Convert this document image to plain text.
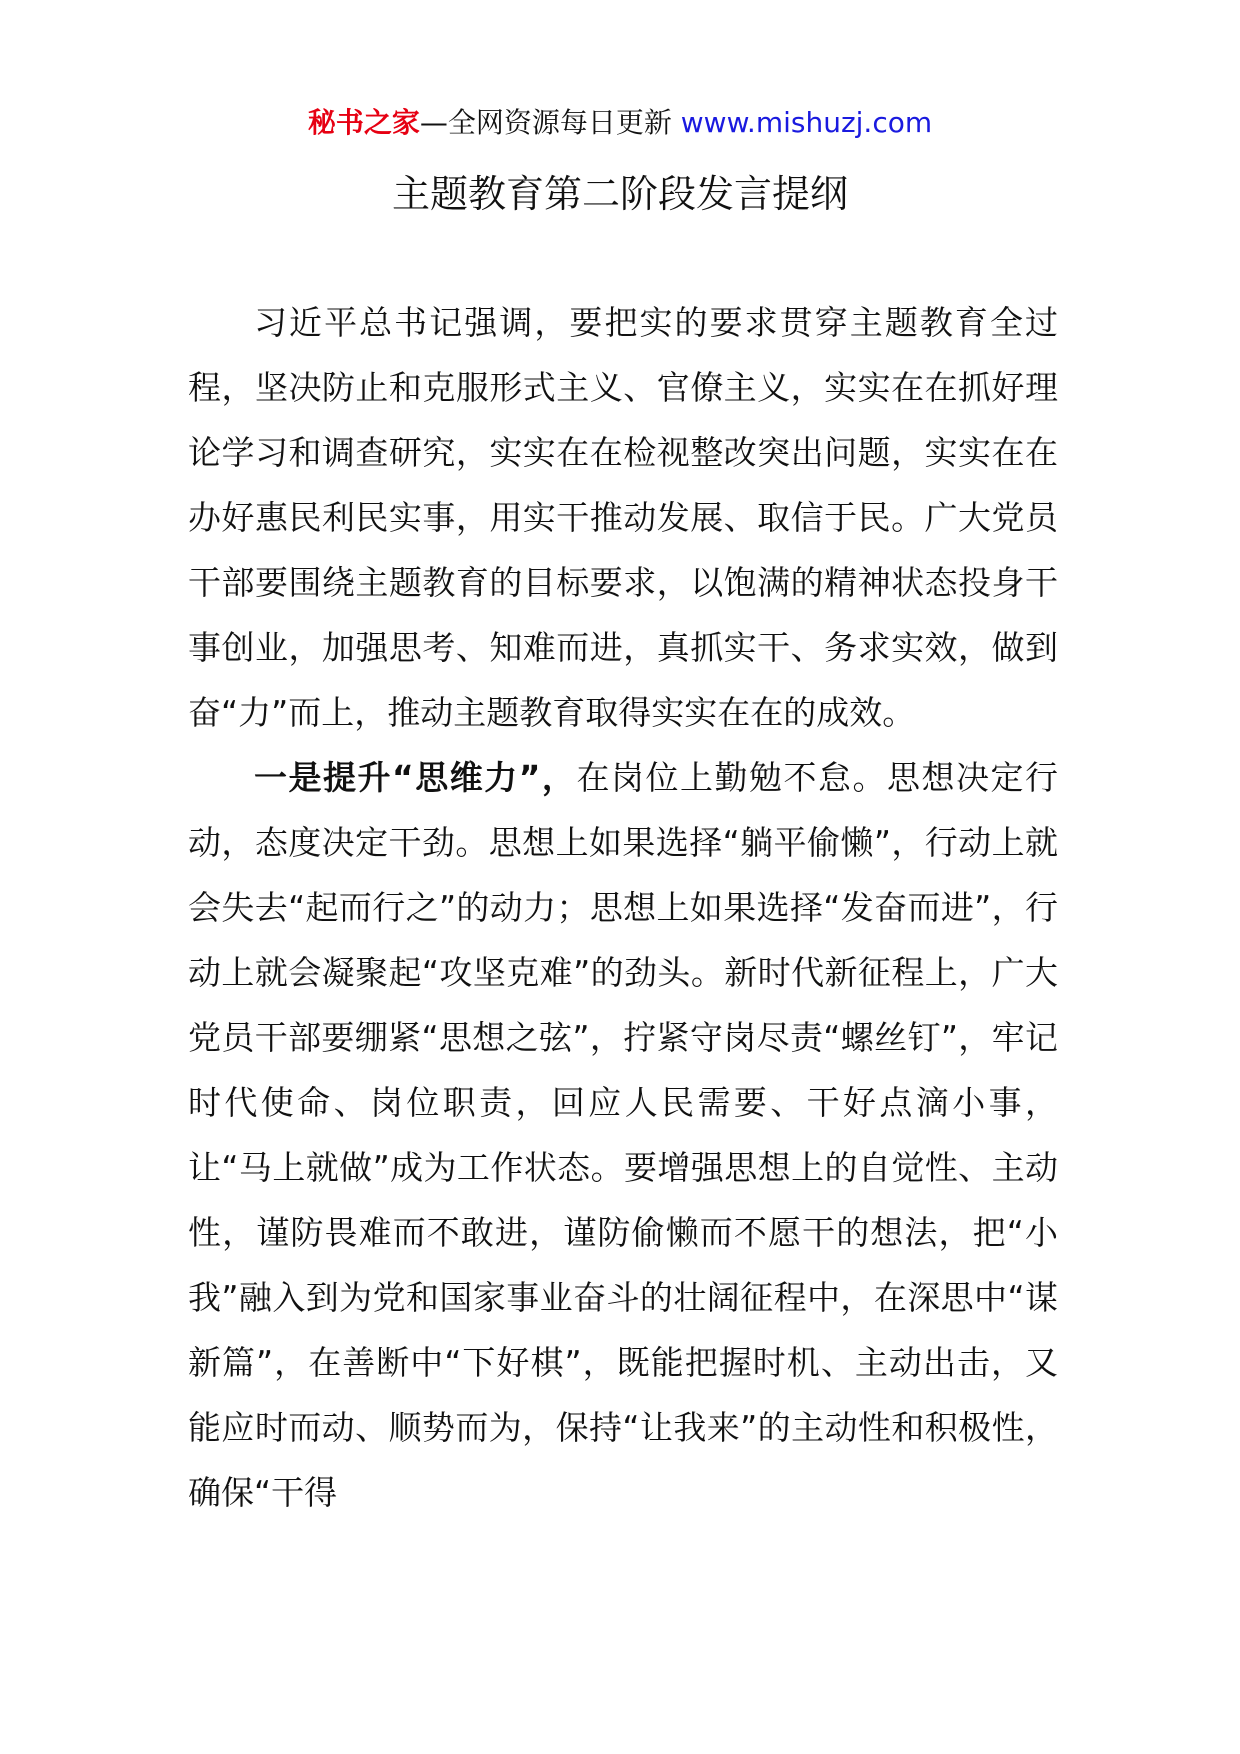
秘书之家—全网资源每日更新 www.mishuzj.com
主题教育第二阶段发言提纲

习近平总书记强调，要把实的要求贯穿主题教育全过程，坚决防止和克服形式主义、官僚主义，实实在在抓好理论学习和调查研究，实实在在检视整改突出问题，实实在在办好惠民利民实事，用实干推动发展、取信于民。广大党员干部要围绕主题教育的目标要求，以饱满的精神状态投身干事创业，加强思考、知难而进，真抓实干、务求实效，做到奋“力”而上，推动主题教育取得实实在在的成效。

一是提升“思维力”，在岗位上勤勉不怠。思想决定行动，态度决定干劲。思想上如果选择“躺平偷懒”，行动上就会失去“起而行之”的动力；思想上如果选择“发奋而进”，行动上就会凝聚起“攻坚克难”的劲头。新时代新征程上，广大党员干部要绷紧“思想之弦”，拧紧守岗尽责“螺丝钉”，牢记时代使命、岗位职责，回应人民需要、干好点滴小事，让“马上就做”成为工作状态。要增强思想上的自觉性、主动性，谨防畏难而不敢进，谨防偷懒而不愿干的想法，把“小我”融入到为党和国家事业奋斗的壮阔征程中，在深思中“谋新篇”，在善断中“下好棋”，既能把握时机、主动出击，又能应时而动、顺势而为，保持“让我来”的主动性和积极性，确保“干得
